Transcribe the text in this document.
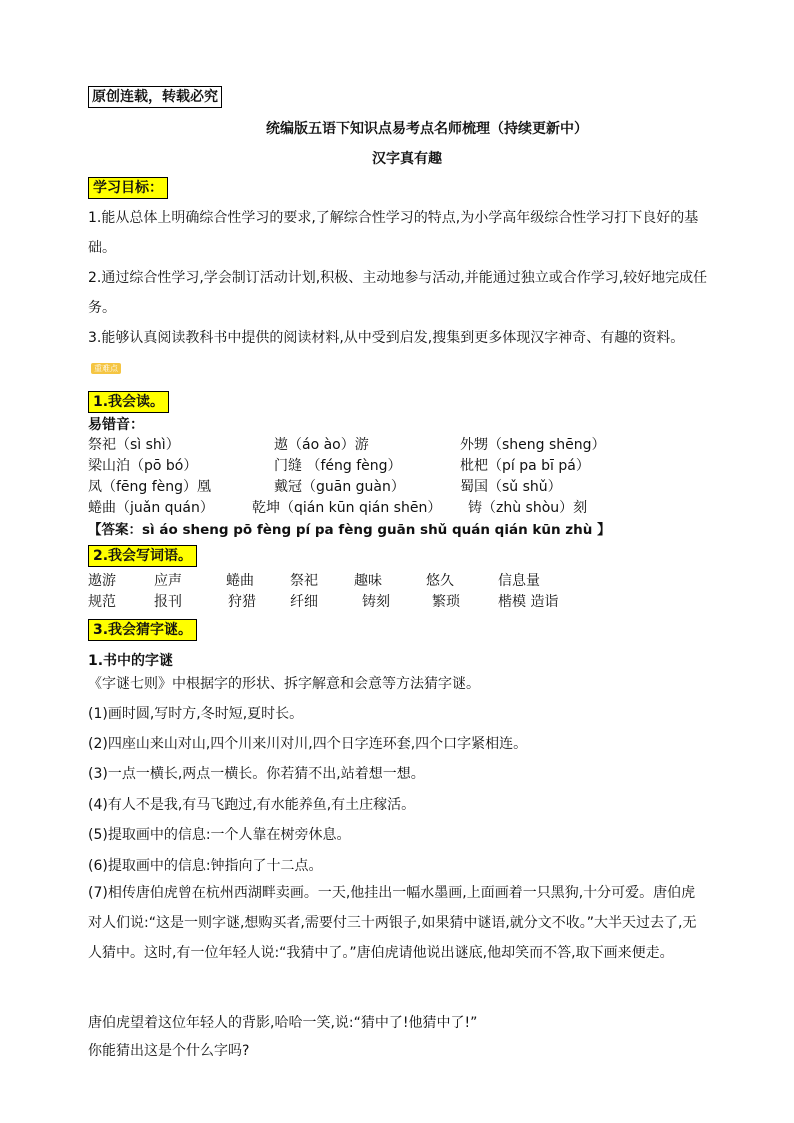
原创连载，转载必究
统编版五语下知识点易考点名师梳理（持续更新中）
汉字真有趣
学习目标：
1.能从总体上明确综合性学习的要求,了解综合性学习的特点,为小学高年级综合性学习打下良好的基础。
2.通过综合性学习,学会制订活动计划,积极、主动地参与活动,并能通过独立或合作学习,较好地完成任务。
3.能够认真阅读教科书中提供的阅读材料,从中受到启发,搜集到更多体现汉字神奇、有趣的资料。重难点
1.我会读。
易错音：
祭祀（sì shì）	遨（áo ào）游	外甥（sheng shēng）
梁山泊（pō bó）	门缝 （féng fèng）	枇杷（pí pa bī pá）
凤（fēng fèng）凰	戴冠（guān guàn）	蜀国（sǔ shǔ）
蜷曲（juǎn quán）	乾坤（qián kūn qián shēn） 铸（zhù shòu）刻
【答案：sì áo sheng pō fèng pí pa fèng guān shǔ quán qián kūn zhù 】
2.我会写词语。
遨游	应声	蜷曲	祭祀	趣味	悠久	信息量
规范	报刊	狩猎 纤细	铸刻	繁琐	楷模 造诣
3.我会猜字谜。
1.书中的字谜
《字谜七则》中根据字的形状、拆字解意和会意等方法猜字谜。
(1)画时圆,写时方,冬时短,夏时长。
(2)四座山来山对山,四个川来川对川,四个日字连环套,四个口字紧相连。
(3)一点一横长,两点一横长。你若猜不出,站着想一想。
(4)有人不是我,有马飞跑过,有水能养鱼,有土庄稼活。
(5)提取画中的信息:一个人靠在树旁休息。
(6)提取画中的信息:钟指向了十二点。
(7)相传唐伯虎曾在杭州西湖畔卖画。一天,他挂出一幅水墨画,上面画着一只黑狗,十分可爱。唐伯虎对人们说:“这是一则字谜,想购买者,需要付三十两银子,如果猜中谜语,就分文不收。”大半天过去了,无人猜中。这时,有一位年轻人说:“我猜中了。”唐伯虎请他说出谜底,他却笑而不答,取下画来便走。
唐伯虎望着这位年轻人的背影,哈哈一笑,说:“猜中了!他猜中了!”
你能猜出这是个什么字吗?
